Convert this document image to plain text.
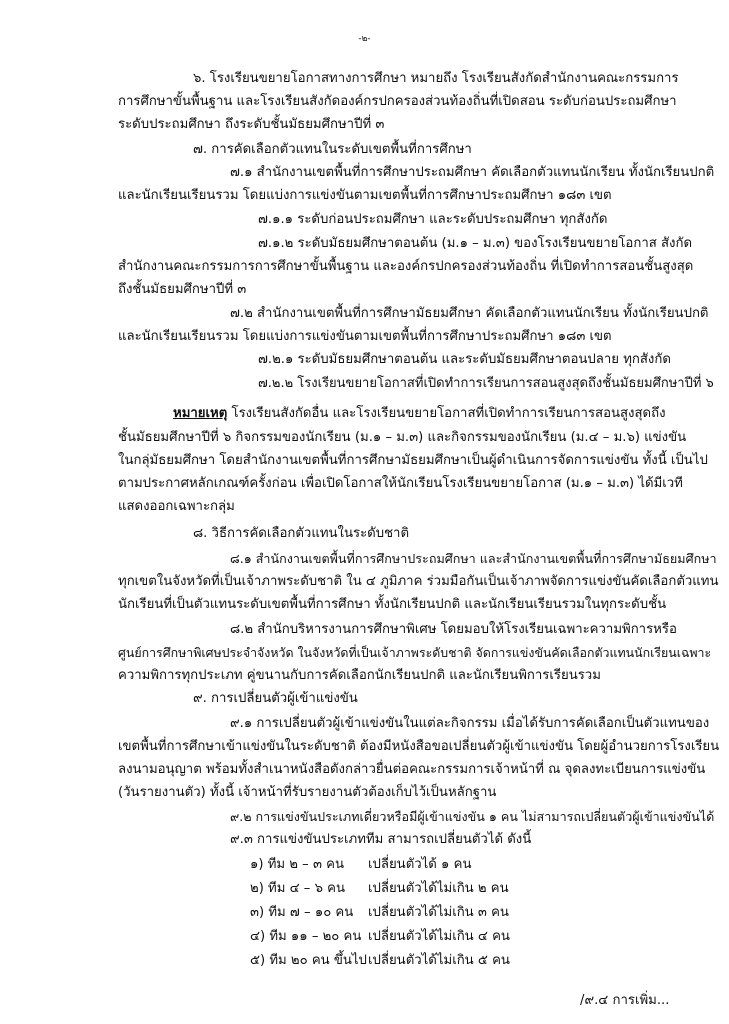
-๒-
๖. โรงเรียนขยายโอกาสทางการศึกษา หมายถึง โรงเรียนสังกัดสำนักงานคณะกรรมการ
การศึกษาขั้นพื้นฐาน และโรงเรียนสังกัดองค์กรปกครองส่วนท้องถิ่นที่เปิดสอน ระดับก่อนประถมศึกษา
ระดับประถมศึกษา ถึงระดับชั้นมัธยมศึกษาปีที่ ๓
๗. การคัดเลือกตัวแทนในระดับเขตพื้นที่การศึกษา
๗.๑ สำนักงานเขตพื้นที่การศึกษาประถมศึกษา คัดเลือกตัวแทนนักเรียน ทั้งนักเรียนปกติ
และนักเรียนเรียนรวม โดยแบ่งการแข่งขันตามเขตพื้นที่การศึกษาประถมศึกษา ๑๘๓ เขต
๗.๑.๑ ระดับก่อนประถมศึกษา และระดับประถมศึกษา ทุกสังกัด
๗.๑.๒ ระดับมัธยมศึกษาตอนต้น (ม.๑ – ม.๓) ของโรงเรียนขยายโอกาส สังกัด
สำนักงานคณะกรรมการการศึกษาขั้นพื้นฐาน และองค์กรปกครองส่วนท้องถิ่น ที่เปิดทำการสอนชั้นสูงสุด
ถึงชั้นมัธยมศึกษาปีที่ ๓
๗.๒ สำนักงานเขตพื้นที่การศึกษามัธยมศึกษา คัดเลือกตัวแทนนักเรียน ทั้งนักเรียนปกติ
และนักเรียนเรียนรวม โดยแบ่งการแข่งขันตามเขตพื้นที่การศึกษาประถมศึกษา ๑๘๓ เขต
๗.๒.๑ ระดับมัธยมศึกษาตอนต้น และระดับมัธยมศึกษาตอนปลาย ทุกสังกัด
๗.๒.๒ โรงเรียนขยายโอกาสที่เปิดทำการเรียนการสอนสูงสุดถึงชั้นมัธยมศึกษาปีที่ ๖
หมายเหตุ โรงเรียนสังกัดอื่น และโรงเรียนขยายโอกาสที่เปิดทำการเรียนการสอนสูงสุดถึง
ชั้นมัธยมศึกษาปีที่ ๖ กิจกรรมของนักเรียน (ม.๑ – ม.๓) และกิจกรรมของนักเรียน (ม.๔ – ม.๖) แข่งขัน
ในกลุ่มัธยมศึกษา โดยสำนักงานเขตพื้นที่การศึกษามัธยมศึกษาเป็นผู้ดำเนินการจัดการแข่งขัน ทั้งนี้ เป็นไป
ตามประกาศหลักเกณฑ์ครั้งก่อน เพื่อเปิดโอกาสให้นักเรียนโรงเรียนขยายโอกาส (ม.๑ – ม.๓) ได้มีเวที
แสดงออกเฉพาะกลุ่ม
๘. วิธีการคัดเลือกตัวแทนในระดับชาติ
๘.๑ สำนักงานเขตพื้นที่การศึกษาประถมศึกษา และสำนักงานเขตพื้นที่การศึกษามัธยมศึกษา
ทุกเขตในจังหวัดที่เป็นเจ้าภาพระดับชาติ ใน ๔ ภูมิภาค ร่วมมือกันเป็นเจ้าภาพจัดการแข่งขันคัดเลือกตัวแทน
นักเรียนที่เป็นตัวแทนระดับเขตพื้นที่การศึกษา ทั้งนักเรียนปกติ และนักเรียนเรียนรวมในทุกระดับชั้น
๘.๒ สำนักบริหารงานการศึกษาพิเศษ โดยมอบให้โรงเรียนเฉพาะความพิการหรือ
ศูนย์การศึกษาพิเศษประจำจังหวัด ในจังหวัดที่เป็นเจ้าภาพระดับชาติ จัดการแข่งขันคัดเลือกตัวแทนนักเรียนเฉพาะ
ความพิการทุกประเภท คู่ขนานกับการคัดเลือกนักเรียนปกติ และนักเรียนพิการเรียนรวม
๙. การเปลี่ยนตัวผู้เข้าแข่งขัน
๙.๑ การเปลี่ยนตัวผู้เข้าแข่งขันในแต่ละกิจกรรม เมื่อได้รับการคัดเลือกเป็นตัวแทนของ
เขตพื้นที่การศึกษาเข้าแข่งขันในระดับชาติ ต้องมีหนังสือขอเปลี่ยนตัวผู้เข้าแข่งขัน โดยผู้อำนวยการโรงเรียน
ลงนามอนุญาต พร้อมทั้งสำเนาหนังสือดังกล่าวยื่นต่อคณะกรรมการเจ้าหน้าที่ ณ จุดลงทะเบียนการแข่งขัน
(วันรายงานตัว) ทั้งนี้ เจ้าหน้าที่รับรายงานตัวต้องเก็บไว้เป็นหลักฐาน
๙.๒ การแข่งขันประเภทเดี่ยวหรือมีผู้เข้าแข่งขัน ๑ คน ไม่สามารถเปลี่ยนตัวผู้เข้าแข่งขันได้
๙.๓ การแข่งขันประเภททีม สามารถเปลี่ยนตัวได้ ดังนี้
๑) ทีม ๒ – ๓ คน เปลี่ยนตัวได้ ๑ คน
๒) ทีม ๔ – ๖ คน เปลี่ยนตัวได้ไม่เกิน ๒ คน
๓) ทีม ๗ – ๑๐ คน เปลี่ยนตัวได้ไม่เกิน ๓ คน
๔) ทีม ๑๑ – ๒๐ คน เปลี่ยนตัวได้ไม่เกิน ๔ คน
๕) ทีม ๒๐ คน ขึ้นไปเปลี่ยนตัวได้ไม่เกิน ๕ คน
/๙.๔ การเพิ่ม...
